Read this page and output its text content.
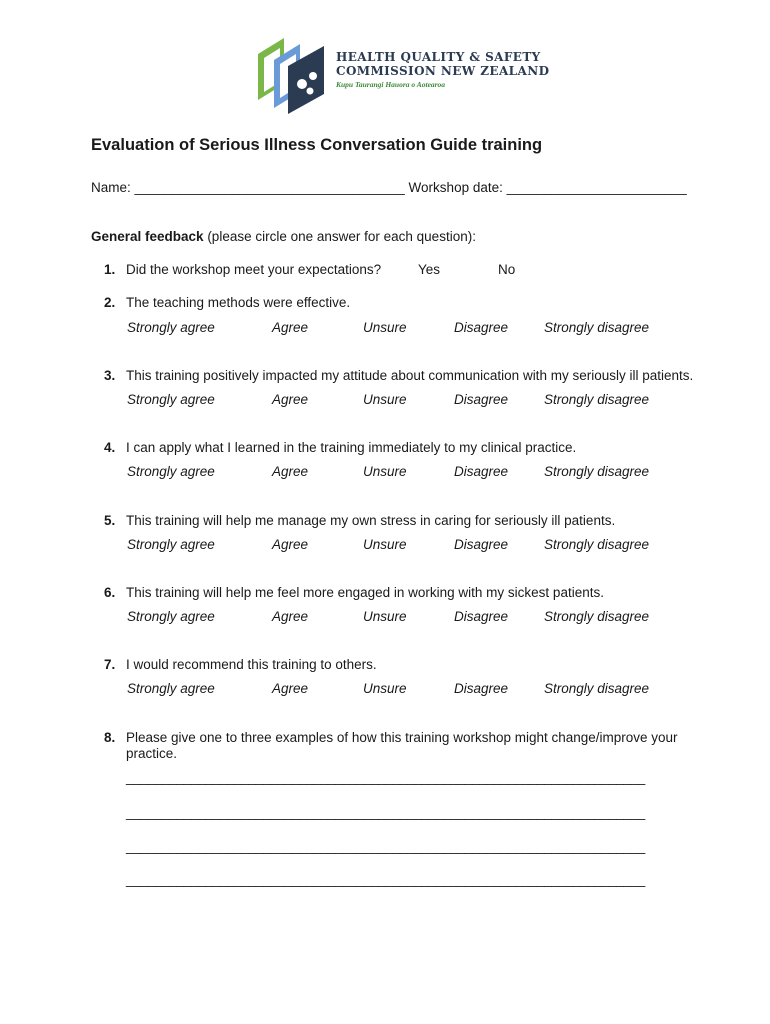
HEALTH QUALITY & SAFETY
COMMISSION NEW ZEALAND
Kupu Taurangi Hauora o Aotearoa
Evaluation of Serious Illness Conversation Guide training
Name: ____________________________________ Workshop date: ________________________
General feedback (please circle one answer for each question):
1. Did the workshop meet your expectations?	Yes	No
2. The teaching methods were effective.
Strongly agree	Agree	Unsure	Disagree	Strongly disagree
3. This training positively impacted my attitude about communication with my seriously ill patients.
Strongly agree	Agree	Unsure	Disagree	Strongly disagree
4. I can apply what I learned in the training immediately to my clinical practice.
Strongly agree	Agree	Unsure	Disagree	Strongly disagree
5. This training will help me manage my own stress in caring for seriously ill patients.
Strongly agree	Agree	Unsure	Disagree	Strongly disagree
6. This training will help me feel more engaged in working with my sickest patients.
Strongly agree	Agree	Unsure	Disagree	Strongly disagree
7. I would recommend this training to others.
Strongly agree	Agree	Unsure	Disagree	Strongly disagree
8. Please give one to three examples of how this training workshop might change/improve your practice.
________________________________________________________________________
________________________________________________________________________
________________________________________________________________________
________________________________________________________________________
